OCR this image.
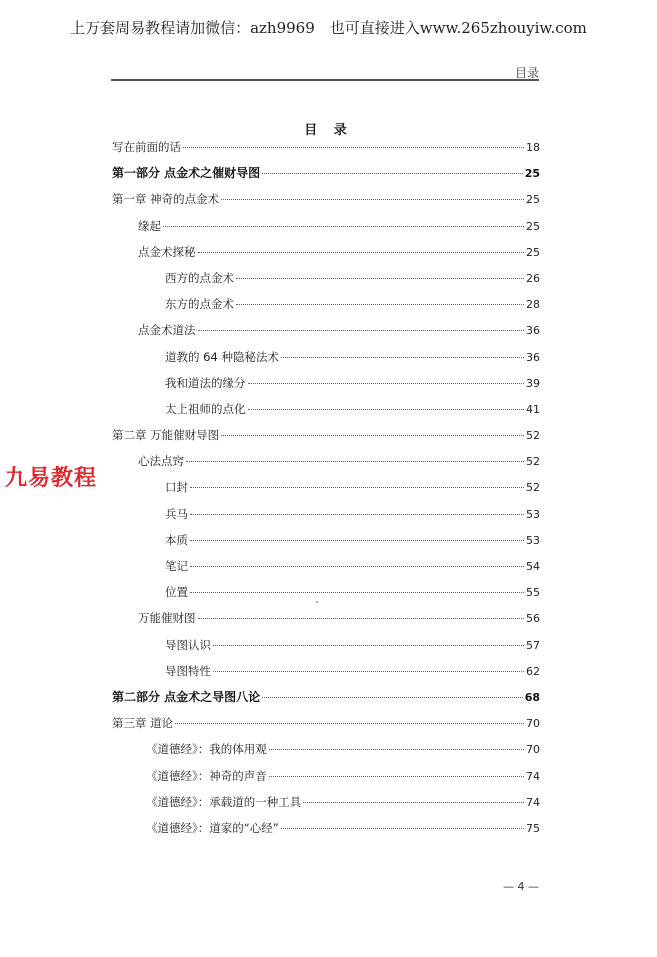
上万套周易教程请加微信：azh9969　也可直接进入www.265zhouyiw.com
目录
目 录
写在前面的话	18
第一部分 点金术之催财导图	25
第一章 神奇的点金术	25
缘起	25
点金术探秘	25
西方的点金术	26
东方的点金术	28
点金术道法	36
道教的 64 种隐秘法术	36
我和道法的缘分	39
太上祖师的点化	41
第二章 万能催财导图	52
心法点窍	52
口封	52
兵马	53
本质	53
笔记	54
位置	55
万能催财图	56
导图认识	57
导图特性	62
第二部分 点金术之导图八论	68
第三章 道论	70
《道德经》：我的体用观	70
《道德经》：神奇的声音	74
《道德经》：承载道的一种工具	74
《道德经》：道家的“心经”	75
九易教程
— 4 —
